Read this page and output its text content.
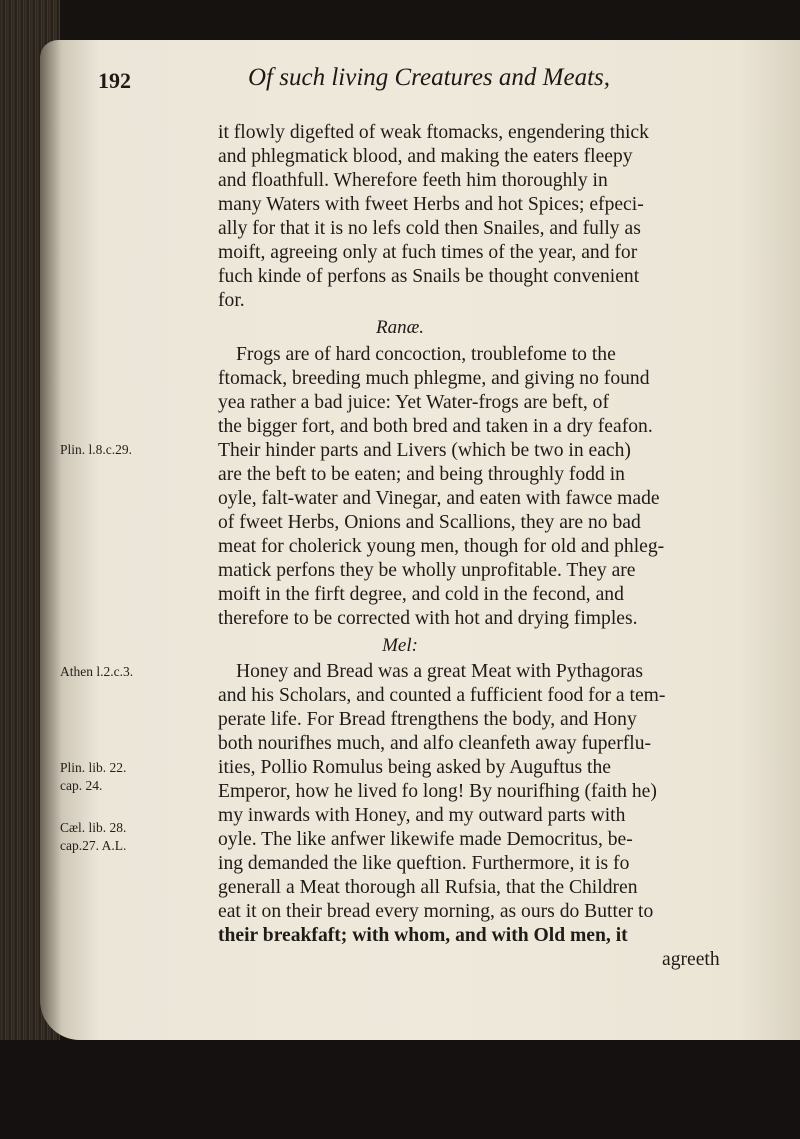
192	Of such living Creatures and Meats,
it flowly digefted of weak ftomacks, engendering thick
and phlegmatick blood, and making the eaters fleepy
and floathfull. Wherefore feeth him thoroughly in
many Waters with fweet Herbs and hot Spices; efpeci-
ally for that it is no lefs cold then Snailes, and fully as
moift, agreeing only at fuch times of the year, and for
fuch kinde of perfons as Snails be thought convenient
for.
Ranæ.
Frogs are of hard concoction, troublefome to the
ftomack, breeding much phlegme, and giving no found
yea rather a bad juice: Yet Water-frogs are beft, of
the bigger fort, and both bred and taken in a dry feafon.
Their hinder parts and Livers (which be two in each)
are the beft to be eaten; and being throughly fodd in
oyle, falt-water and Vinegar, and eaten with fawce made
of fweet Herbs, Onions and Scallions, they are no bad
meat for cholerick young men, though for old and phleg-
matick perfons they be wholly unprofitable. They are
moift in the firft degree, and cold in the fecond, and
therefore to be corrected with hot and drying fimples.
Mel:
Honey and Bread was a great Meat with Pythagoras
and his Scholars, and counted a fufficient food for a tem-
perate life. For Bread ftrengthens the body, and Hony
both nourifhes much, and alfo cleanfeth away fuperflu-
ities, Pollio Romulus being asked by Auguftus the
Emperor, how he lived fo long! By nourifhing (faith he)
my inwards with Honey, and my outward parts with
oyle. The like anfwer likewife made Democritus, be-
ing demanded the like queftion. Furthermore, it is fo
generall a Meat thorough all Rufsia, that the Children
eat it on their bread every morning, as ours do Butter to
their breakfaft; with whom, and with Old men, it
agreeth
Plin. l.8.c.29.
Athen l.2.c.3.
Plin. lib. 22.
cap. 24.
Cæl. lib. 28.
cap.27. A.L.
